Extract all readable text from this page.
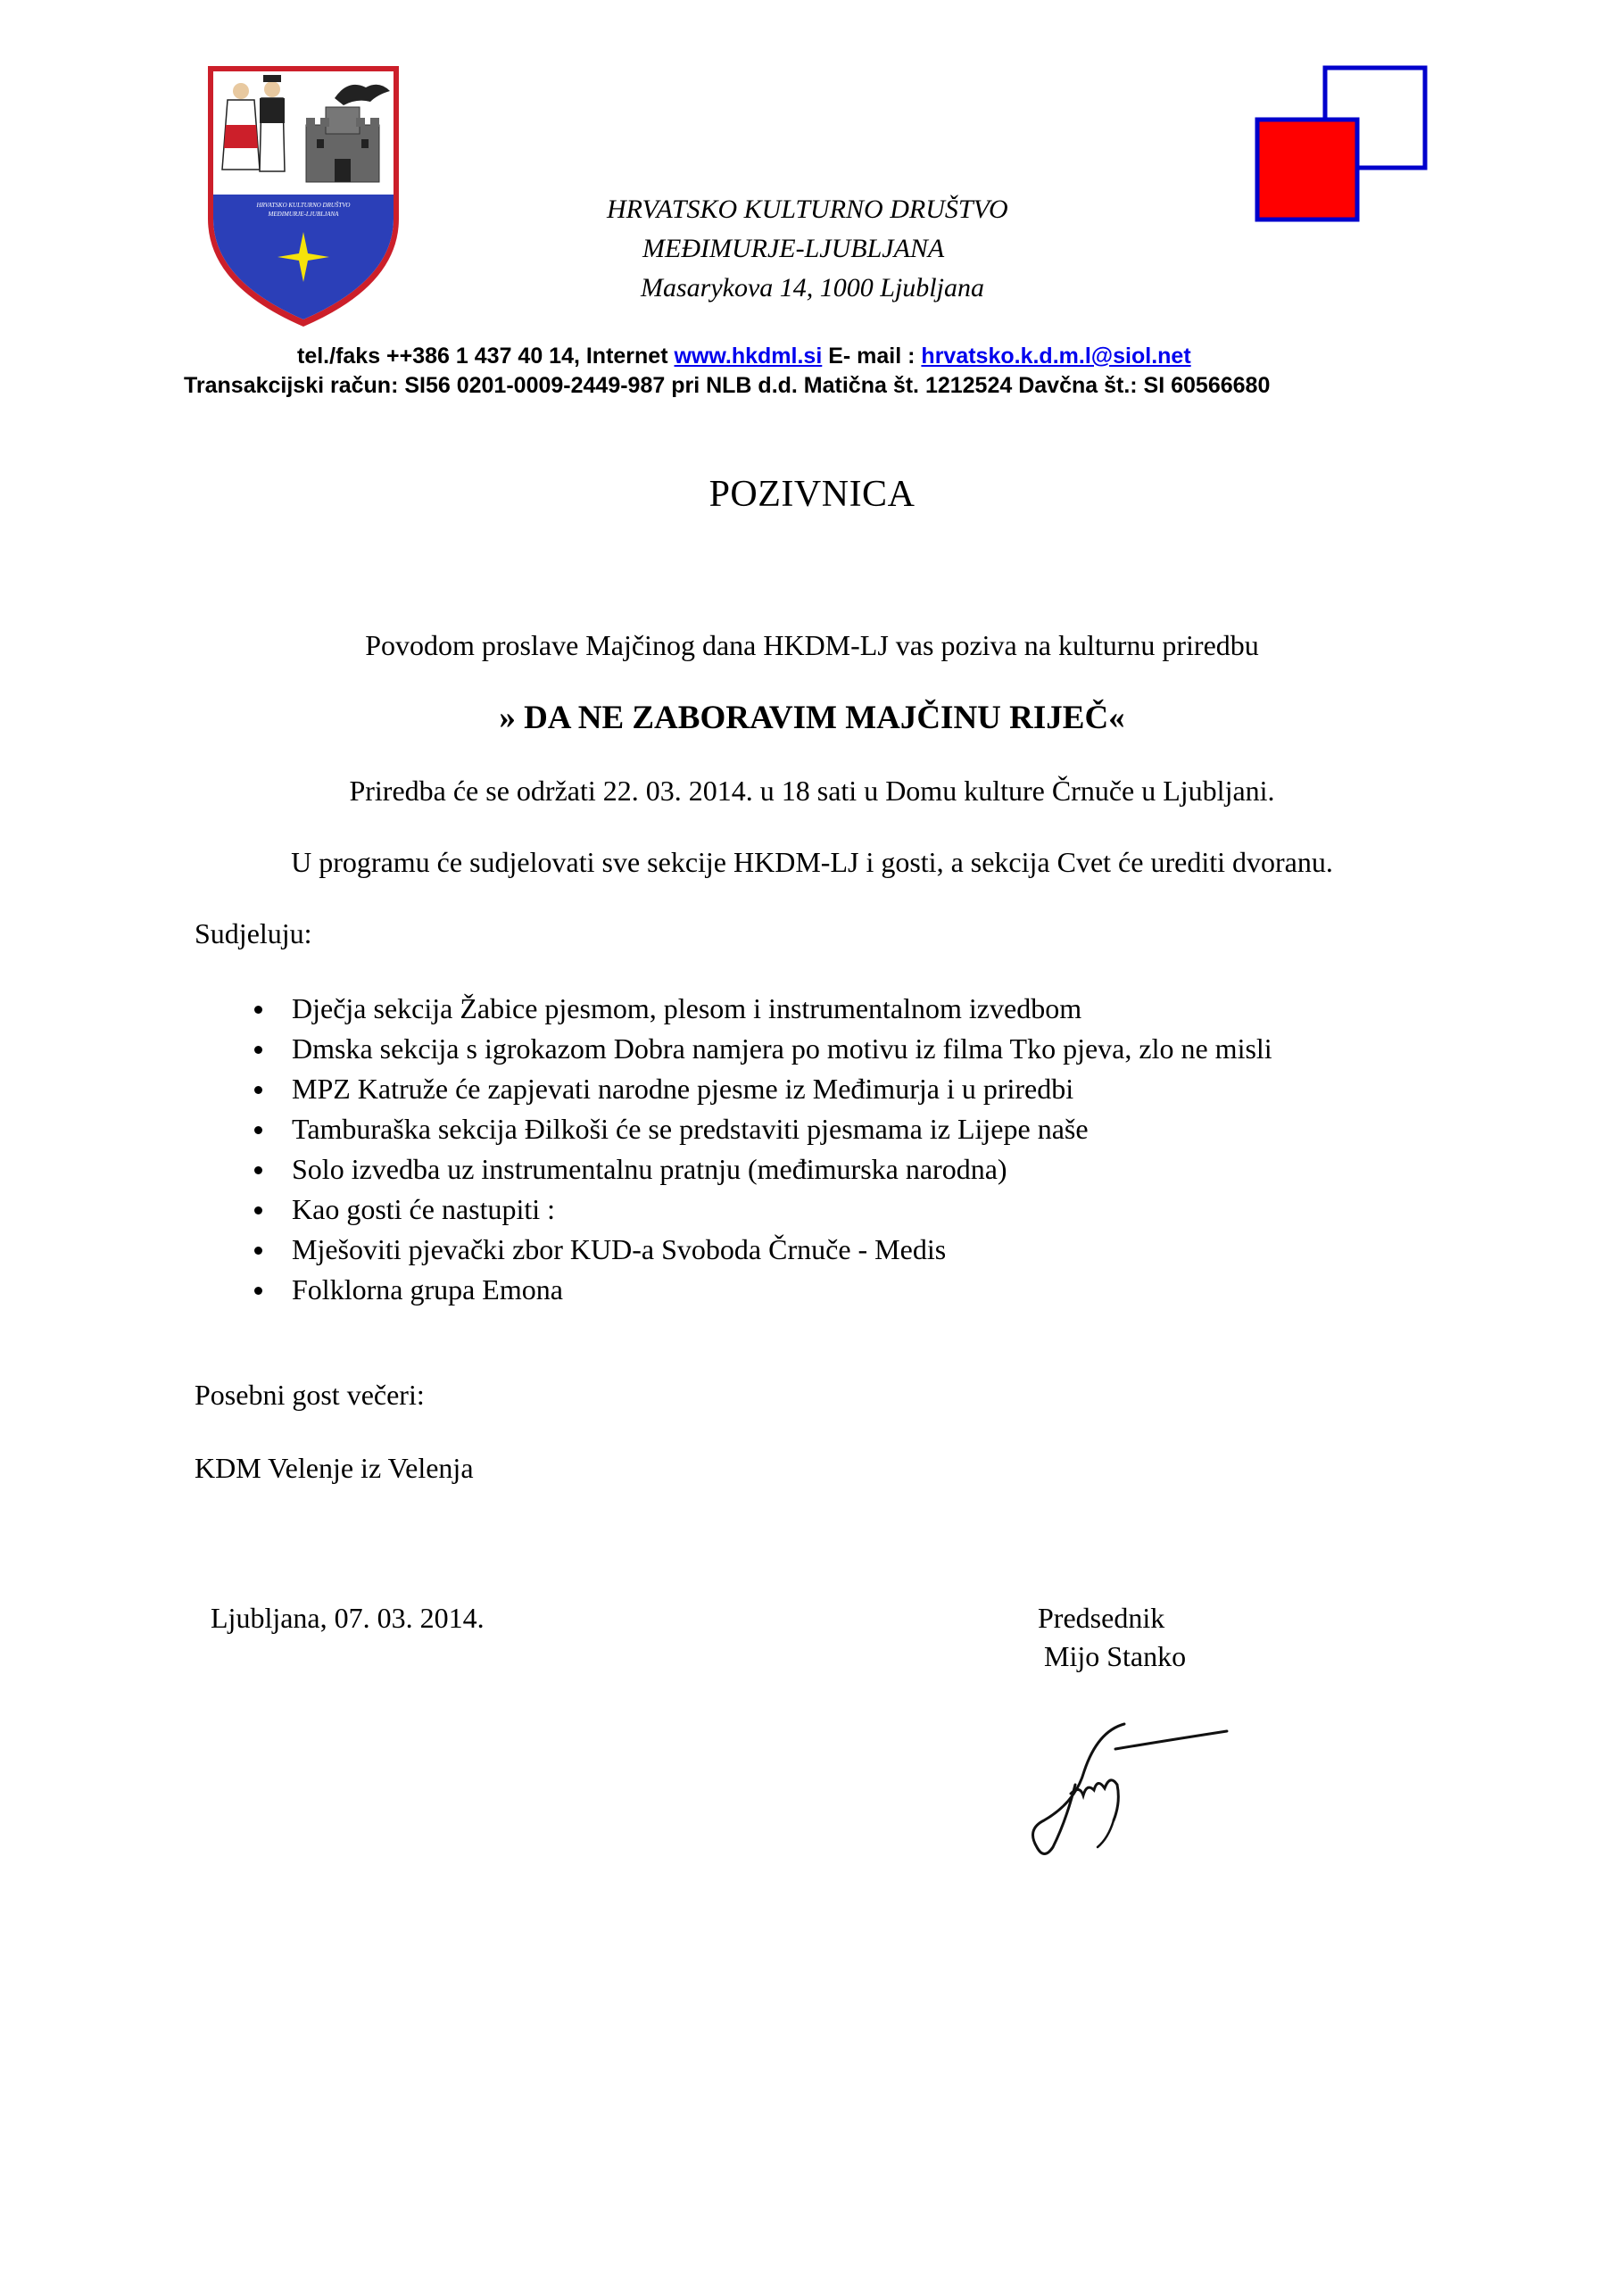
HRVATSKO KULTURNO DRUŠTVO
MEĐIMURJE-LJUBLJANA	HRVATSKO KULTURNO DRUŠTVO
MEĐIMURJE-LJUBLJANA
Masarykova 14, 1000 Ljubljana
tel./faks ++386 1 437 40 14, Internet www.hkdml.si E- mail : hrvatsko.k.d.m.l@siol.net
Transakcijski račun: SI56 0201-0009-2449-987 pri NLB d.d. Matična št. 1212524 Davčna št.: SI 60566680
POZIVNICA
Povodom proslave Majčinog dana HKDM-LJ vas poziva na kulturnu priredbu
» DA NE ZABORAVIM MAJČINU RIJEČ«
Priredba će se održati 22. 03. 2014. u 18 sati u Domu kulture Črnuče u Ljubljani.
U programu će sudjelovati sve sekcije HKDM-LJ i gosti, a sekcija Cvet će urediti dvoranu.
Sudjeluju:
Dječja sekcija Žabice pjesmom, plesom i instrumentalnom izvedbom
Dmska sekcija s igrokazom Dobra namjera po motivu iz filma Tko pjeva, zlo ne misli
MPZ Katruže će zapjevati narodne pjesme iz Međimurja i u priredbi
Tamburaška sekcija Đilkoši će se predstaviti pjesmama iz Lijepe naše
Solo izvedba uz instrumentalnu pratnju (međimurska narodna)
Kao gosti će nastupiti :
Mješoviti pjevački zbor KUD-a Svoboda Črnuče - Medis
Folklorna grupa Emona
Posebni gost večeri:
KDM Velenje iz Velenja
Ljubljana, 07. 03. 2014.	Predsednik
Mijo Stanko
